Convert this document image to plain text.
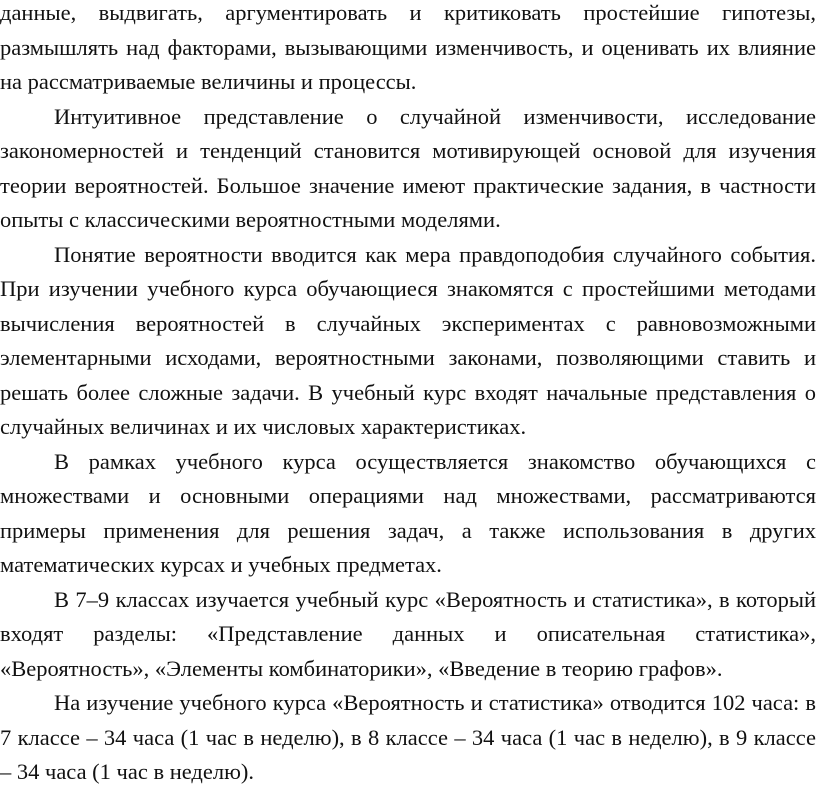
данные, выдвигать, аргументировать и критиковать простейшие гипотезы, размышлять над факторами, вызывающими изменчивость, и оценивать их влияние на рассматриваемые величины и процессы.

Интуитивное представление о случайной изменчивости, исследование закономерностей и тенденций становится мотивирующей основой для изучения теории вероятностей. Большое значение имеют практические задания, в частности опыты с классическими вероятностными моделями.

Понятие вероятности вводится как мера правдоподобия случайного события. При изучении учебного курса обучающиеся знакомятся с простейшими методами вычисления вероятностей в случайных экспериментах с равновозможными элементарными исходами, вероятностными законами, позволяющими ставить и решать более сложные задачи. В учебный курс входят начальные представления о случайных величинах и их числовых характеристиках.

В рамках учебного курса осуществляется знакомство обучающихся с множествами и основными операциями над множествами, рассматриваются примеры применения для решения задач, а также использования в других математических курсах и учебных предметах.

В 7–9 классах изучается учебный курс «Вероятность и статистика», в который входят разделы: «Представление данных и описательная статистика», «Вероятность», «Элементы комбинаторики», «Введение в теорию графов».

На изучение учебного курса «Вероятность и статистика» отводится 102 часа: в 7 классе – 34 часа (1 час в неделю), в 8 классе – 34 часа (1 час в неделю), в 9 классе – 34 часа (1 час в неделю).
